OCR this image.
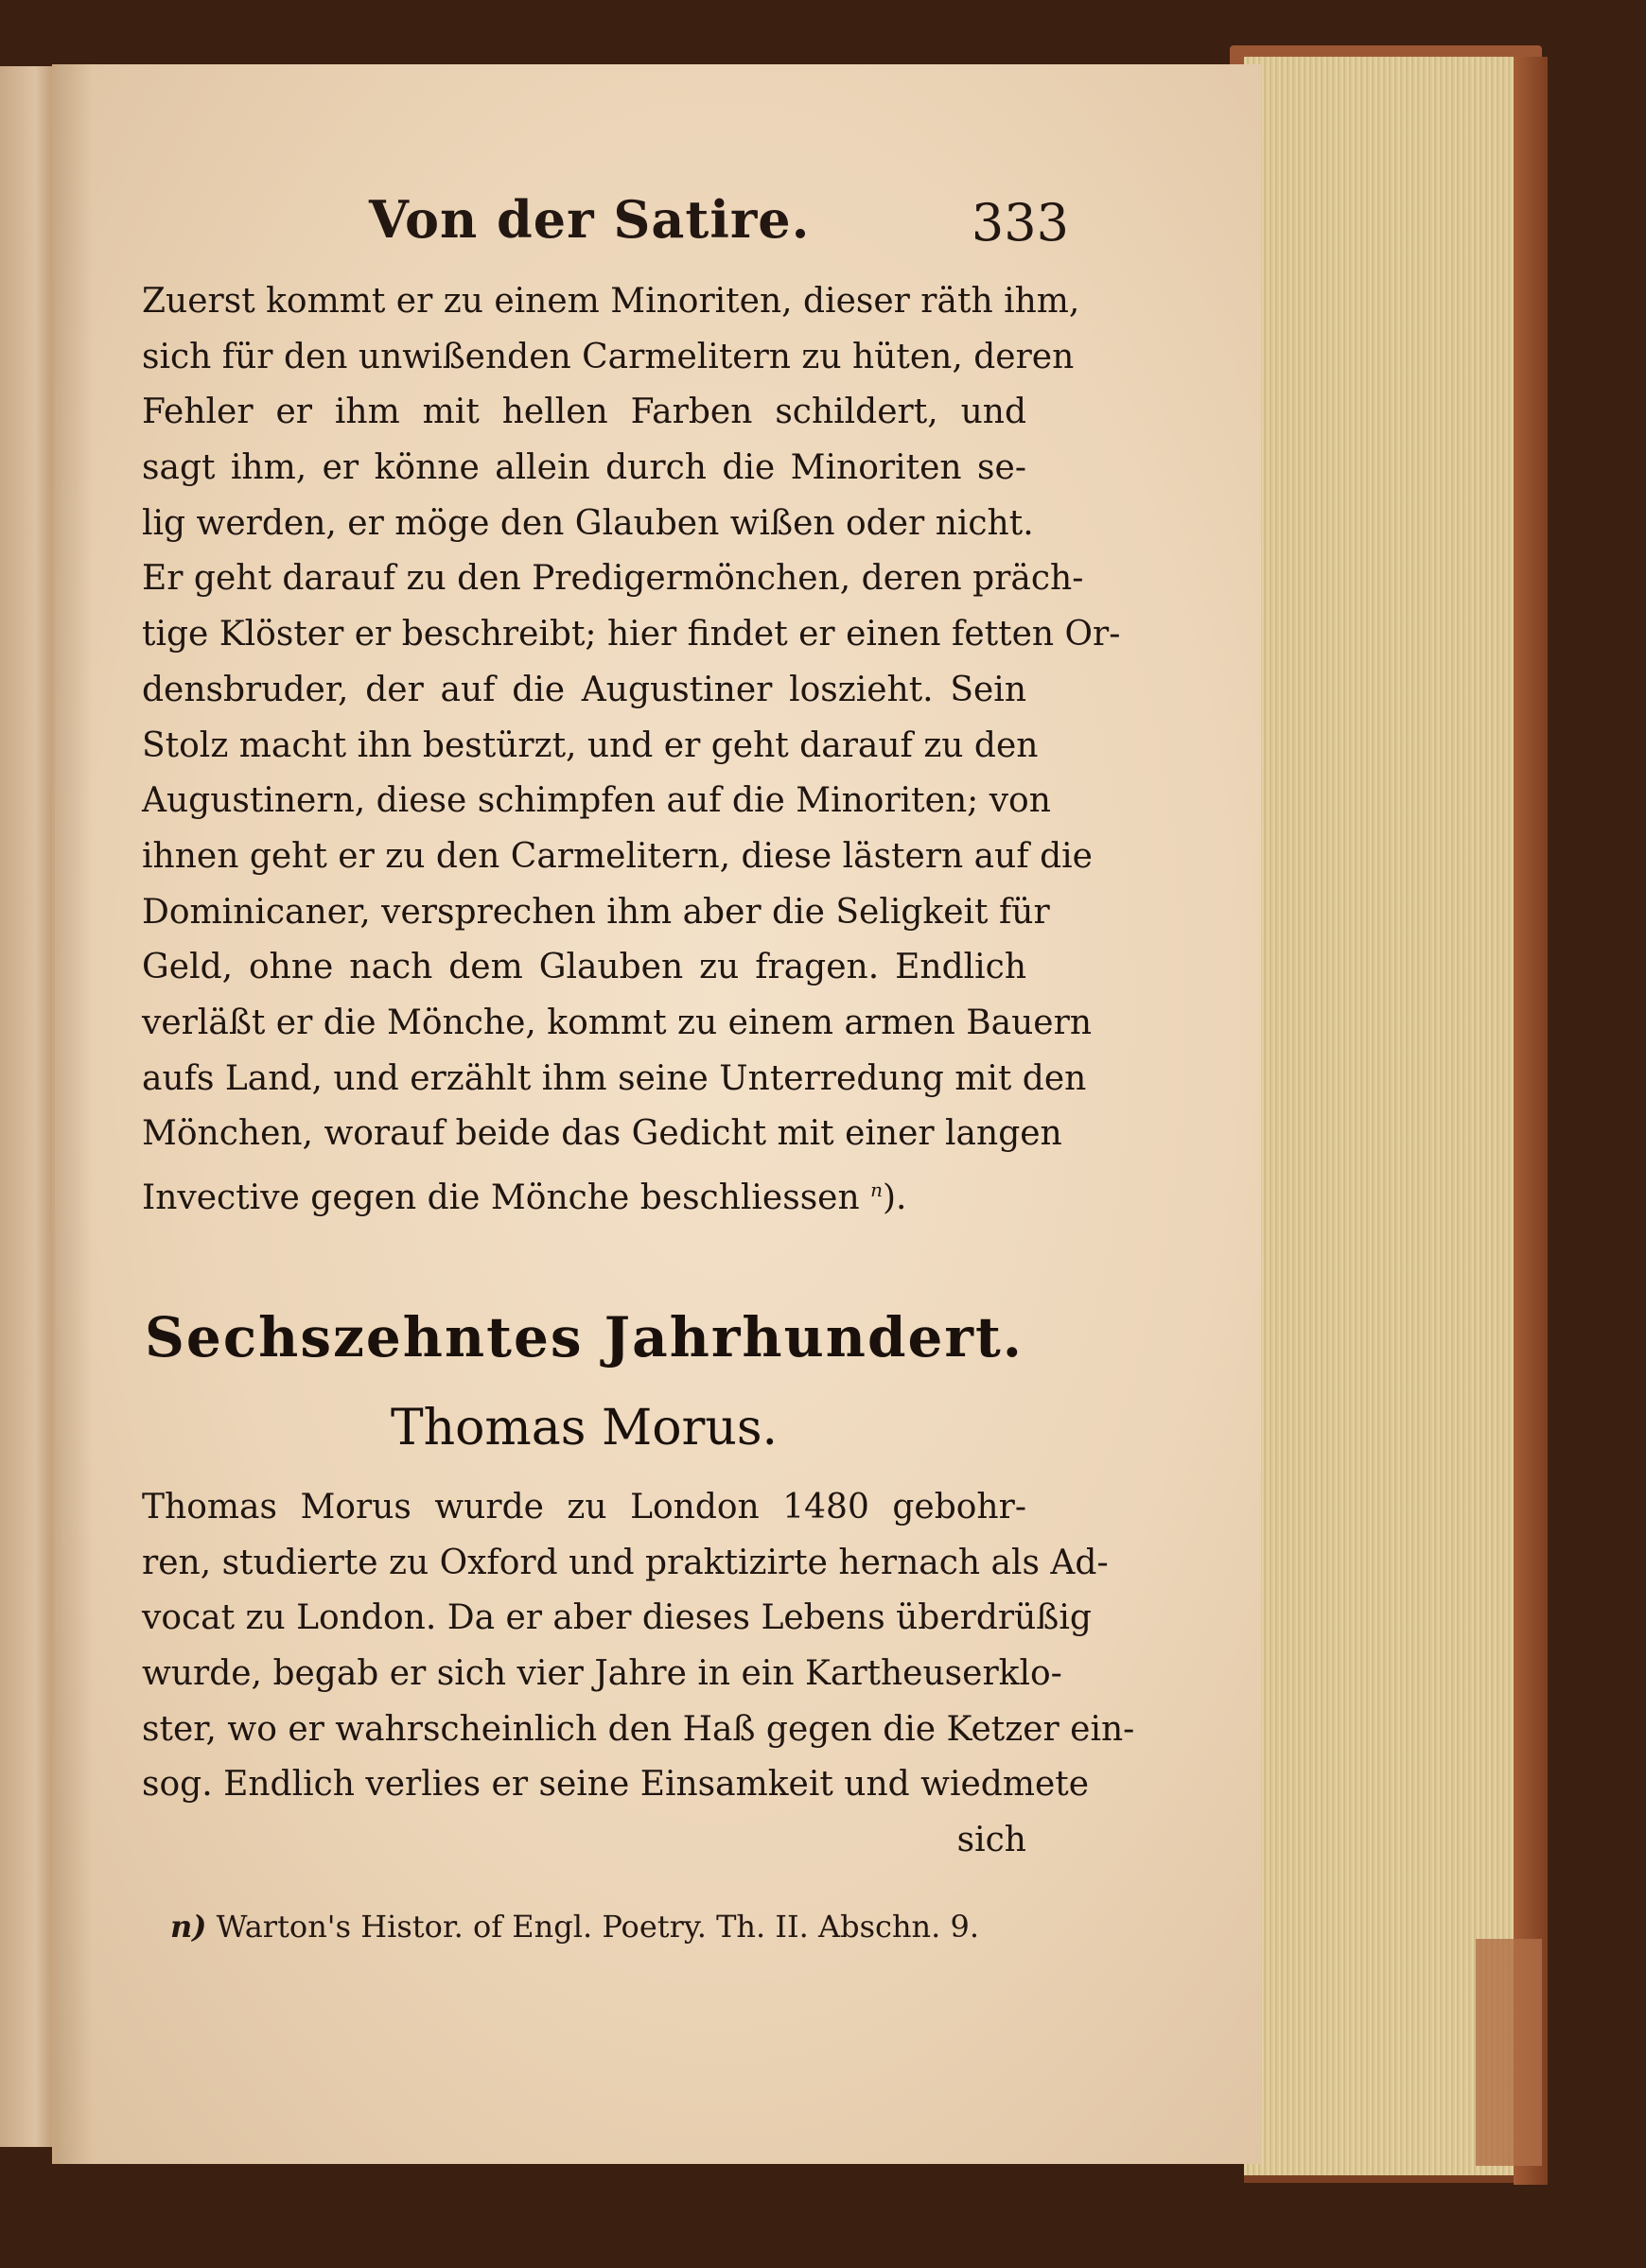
Von der Satire.	333
Zuerst kommt er zu einem Minoriten, dieser räth ihm,
sich für den unwißenden Carmelitern zu hüten, deren
Fehler er ihm mit hellen Farben schildert, und
sagt ihm, er könne allein durch die Minoriten se-
lig werden, er möge den Glauben wißen oder nicht.
Er geht darauf zu den Predigermönchen, deren präch-
tige Klöster er beschreibt; hier findet er einen fetten Or-
densbruder, der auf die Augustiner loszieht. Sein
Stolz macht ihn bestürzt, und er geht darauf zu den
Augustinern, diese schimpfen auf die Minoriten; von
ihnen geht er zu den Carmelitern, diese lästern auf die
Dominicaner, versprechen ihm aber die Seligkeit für
Geld, ohne nach dem Glauben zu fragen. Endlich
verläßt er die Mönche, kommt zu einem armen Bauern
aufs Land, und erzählt ihm seine Unterredung mit den
Mönchen, worauf beide das Gedicht mit einer langen
Invective gegen die Mönche beschliessen $^n$).
Sechszehntes Jahrhundert.
Thomas Morus.
Thomas Morus wurde zu London 1480 gebohr-
ren, studierte zu Oxford und praktizirte hernach als Ad-
vocat zu London. Da er aber dieses Lebens überdrüßig
wurde, begab er sich vier Jahre in ein Kartheuserklo-
ster, wo er wahrscheinlich den Haß gegen die Ketzer ein-
sog. Endlich verlies er seine Einsamkeit und wiedmete
sich
n) Warton's Histor. of Engl. Poetry. Th. II. Abschn. 9.
